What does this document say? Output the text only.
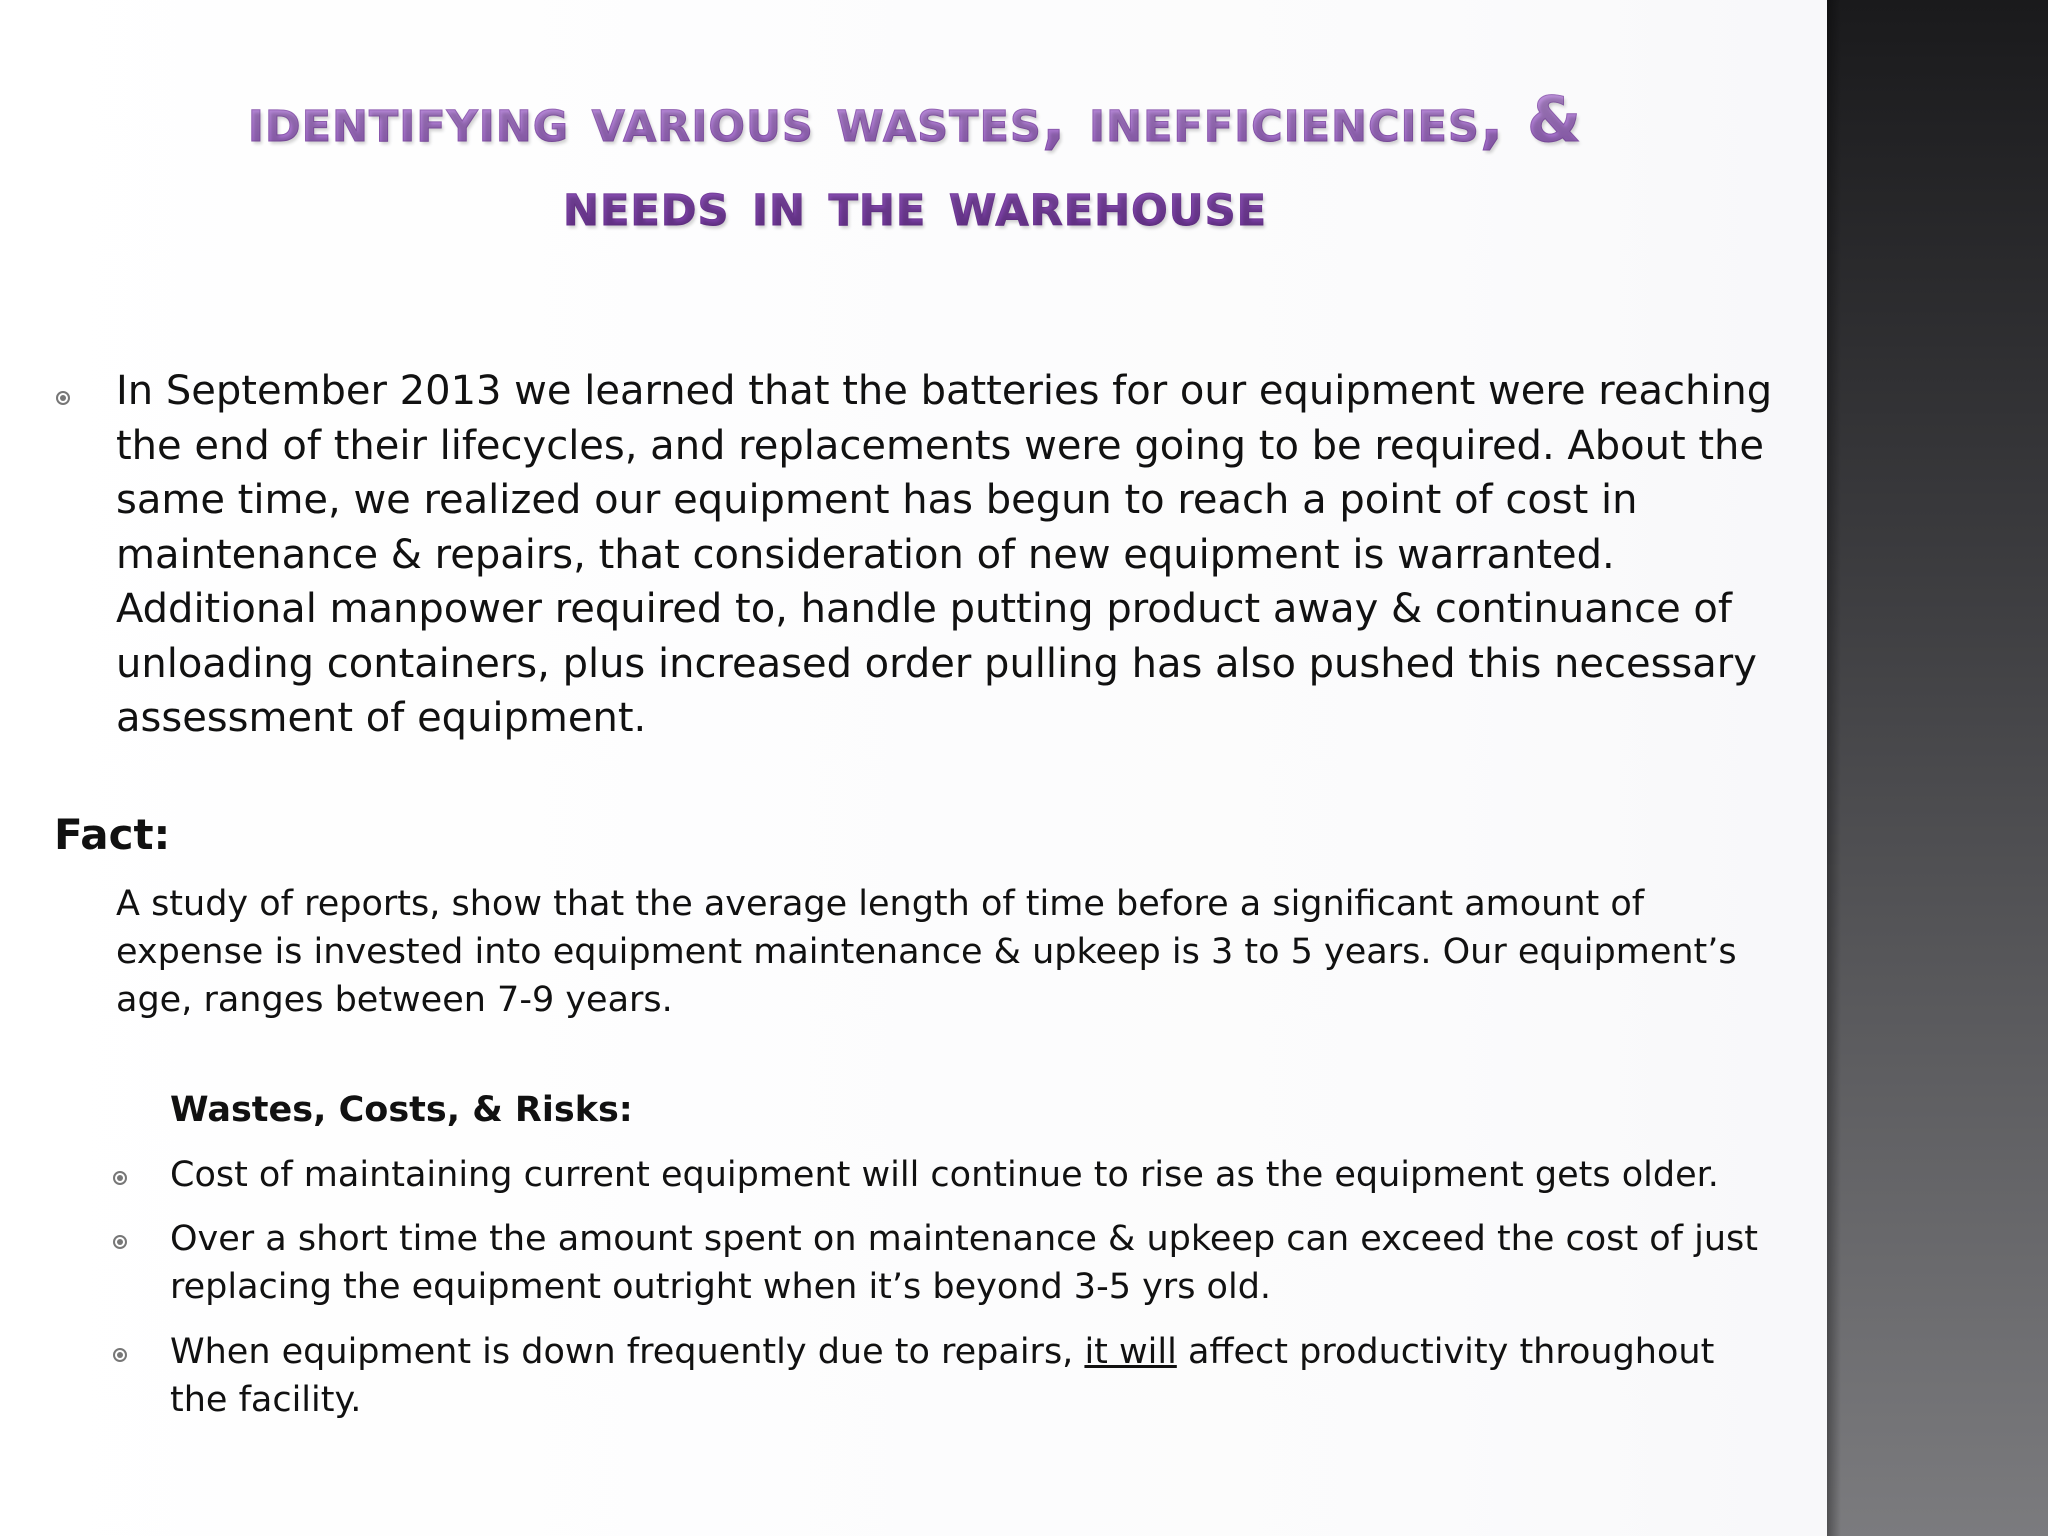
identifying various wastes, inefficiencies, &
needs in the warehouse
In September 2013 we learned that the batteries for our equipment were reaching the end of their lifecycles, and replacements were going to be required. About the same time, we realized our equipment has begun to reach a point of cost in maintenance & repairs, that consideration of new equipment is warranted. Additional manpower required to, handle putting product away & continuance of unloading containers, plus increased order pulling has also pushed this necessary assessment of equipment.
Fact:
A study of reports, show that the average length of time before a significant amount of expense is invested into equipment maintenance & upkeep is 3 to 5 years. Our equipment’s age, ranges between 7-9 years.
Wastes, Costs, & Risks:
Cost of maintaining current equipment will continue to rise as the equipment gets older.
Over a short time the amount spent on maintenance & upkeep can exceed the cost of just replacing the equipment outright when it’s beyond 3-5 yrs old.
When equipment is down frequently due to repairs, it will affect productivity throughout the facility.
